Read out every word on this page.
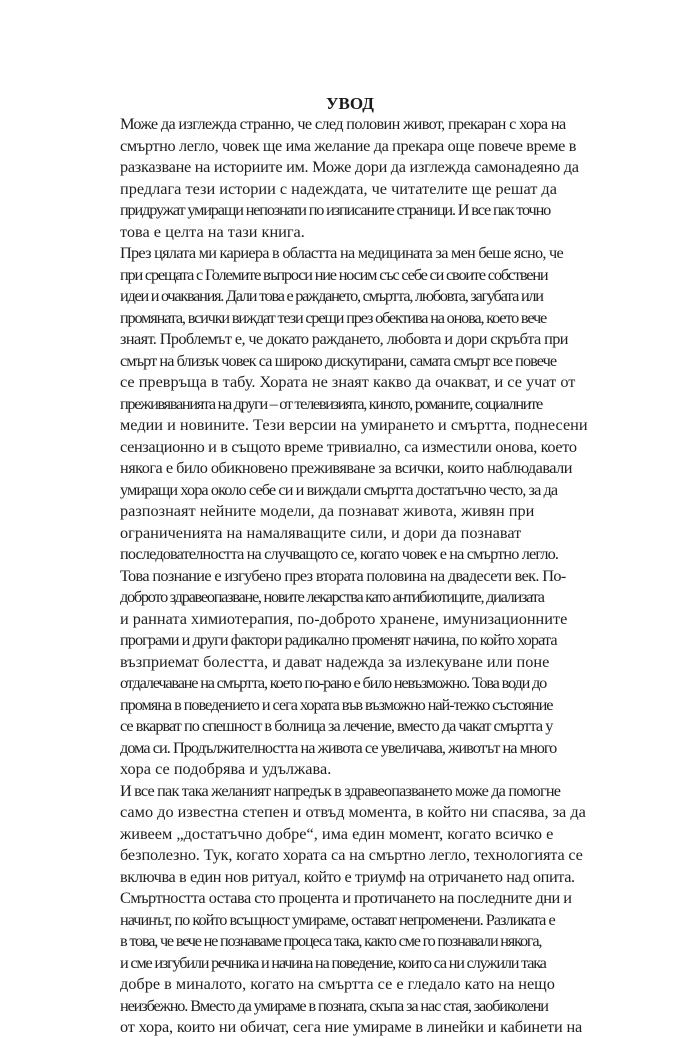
УВОД
Може да изглежда странно, че след половин живот, прекаран с хора на
смъртно легло, човек ще има желание да прекара още повече време в
разказване на историите им. Може дори да изглежда самонадеяно да
предлага тези истории с надеждата, че читателите ще решат да
придружат умиращи непознати по изписаните страници. И все пак точно
това е целта на тази книга.
През цялата ми кариера в областта на медицината за мен беше ясно, че
при срещата с Големите въпроси ние носим със себе си своите собствени
идеи и очаквания. Дали това е раждането, смъртта, любовта, загубата или
промяната, всички виждат тези срещи през обектива на онова, което вече
знаят. Проблемът е, че докато раждането, любовта и дори скръбта при
смърт на близък човек са широко дискутирани, самата смърт все повече
се превръща в табу. Хората не знаят какво да очакват, и се учат от
преживяванията на други – от телевизията, киното, романите, социалните
медии и новините. Тези версии на умирането и смъртта, поднесени
сензационно и в същото време тривиално, са изместили онова, което
някога е било обикновено преживяване за всички, които наблюдавали
умиращи хора около себе си и виждали смъртта достатъчно често, за да
разпознаят нейните модели, да познават живота, живян при
ограниченията на намаляващите сили, и дори да познават
последователността на случващото се, когато човек е на смъртно легло.
Това познание е изгубено през втората половина на двадесети век. По-
доброто здравеопазване, новите лекарства като антибиотиците, диализата
и ранната химиотерапия, по-доброто хранене, имунизационните
програми и други фактори радикално променят начина, по който хората
възприемат болестта, и дават надежда за излекуване или поне
отдалечаване на смъртта, което по-рано е било невъзможно. Това води до
промяна в поведението и сега хората във възможно най-тежко състояние
се вкарват по спешност в болница за лечение, вместо да чакат смъртта у
дома си. Продължителността на живота се увеличава, животът на много
хора се подобрява и удължава.
И все пак така желаният напредък в здравеопазването може да помогне
само до известна степен и отвъд момента, в който ни спасява, за да
живеем „достатъчно добре“, има един момент, когато всичко е
безполезно. Тук, когато хората са на смъртно легло, технологията се
включва в един нов ритуал, който е триумф на отричането над опита.
Смъртността остава сто процента и протичането на последните дни и
начинът, по който всъщност умираме, остават непроменени. Разликата е
в това, че вече не познаваме процеса така, както сме го познавали някога,
и сме изгубили речника и начина на поведение, които са ни служили така
добре в миналото, когато на смъртта се е гледало като на нещо
неизбежно. Вместо да умираме в позната, скъпа за нас стая, заобиколени
от хора, които ни обичат, сега ние умираме в линейки и кабинети на
